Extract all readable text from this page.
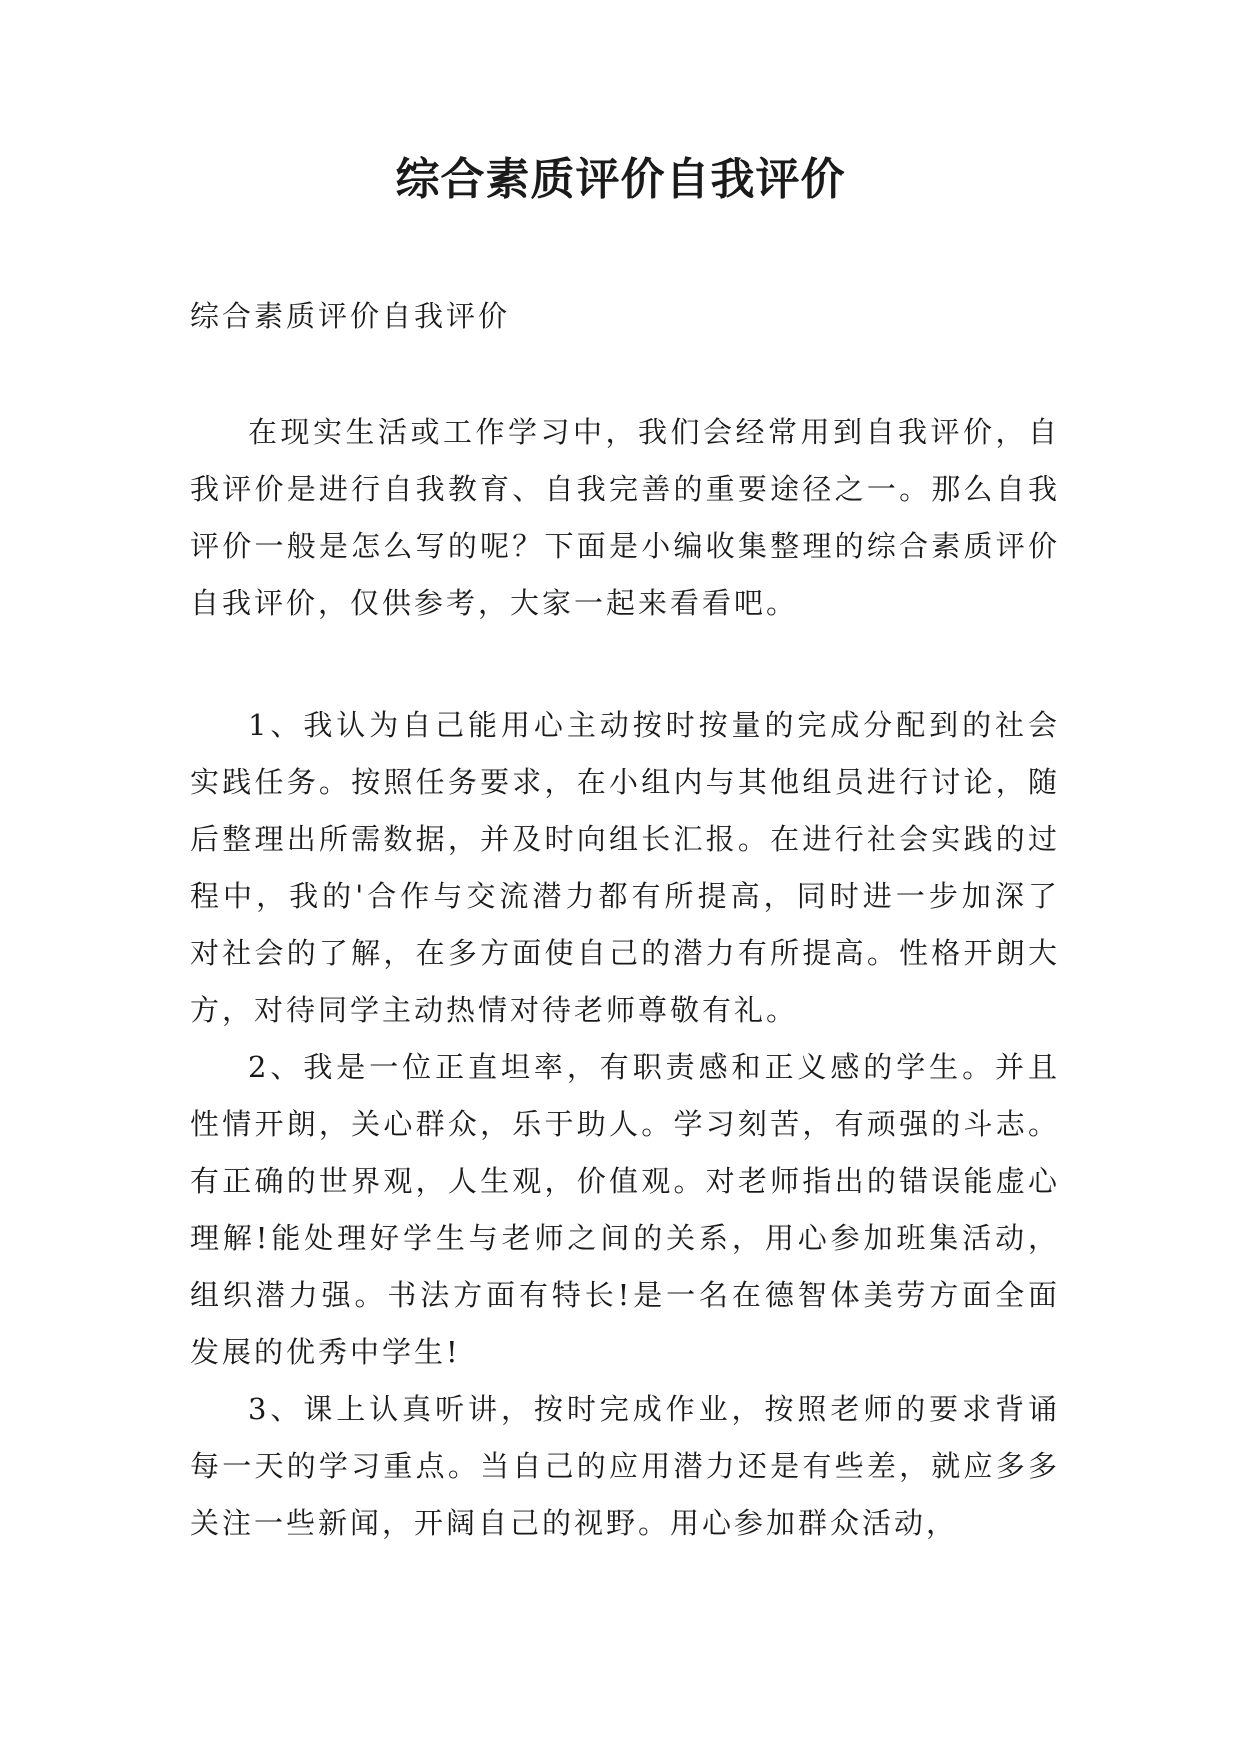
综合素质评价自我评价
综合素质评价自我评价

在现实生活或工作学习中，我们会经常用到自我评价，自我评价是进行自我教育、自我完善的重要途径之一。那么自我评价一般是怎么写的呢？下面是小编收集整理的综合素质评价自我评价，仅供参考，大家一起来看看吧。

1、我认为自己能用心主动按时按量的完成分配到的社会实践任务。按照任务要求，在小组内与其他组员进行讨论，随后整理出所需数据，并及时向组长汇报。在进行社会实践的过程中，我的'合作与交流潜力都有所提高，同时进一步加深了对社会的了解，在多方面使自己的潜力有所提高。性格开朗大方，对待同学主动热情对待老师尊敬有礼。

2、我是一位正直坦率，有职责感和正义感的学生。并且性情开朗，关心群众，乐于助人。学习刻苦，有顽强的斗志。有正确的世界观，人生观，价值观。对老师指出的错误能虚心理解!能处理好学生与老师之间的关系，用心参加班集活动，组织潜力强。书法方面有特长!是一名在德智体美劳方面全面发展的优秀中学生!

3、课上认真听讲，按时完成作业，按照老师的要求背诵每一天的学习重点。当自己的应用潜力还是有些差，就应多多关注一些新闻，开阔自己的视野。用心参加群众活动，
